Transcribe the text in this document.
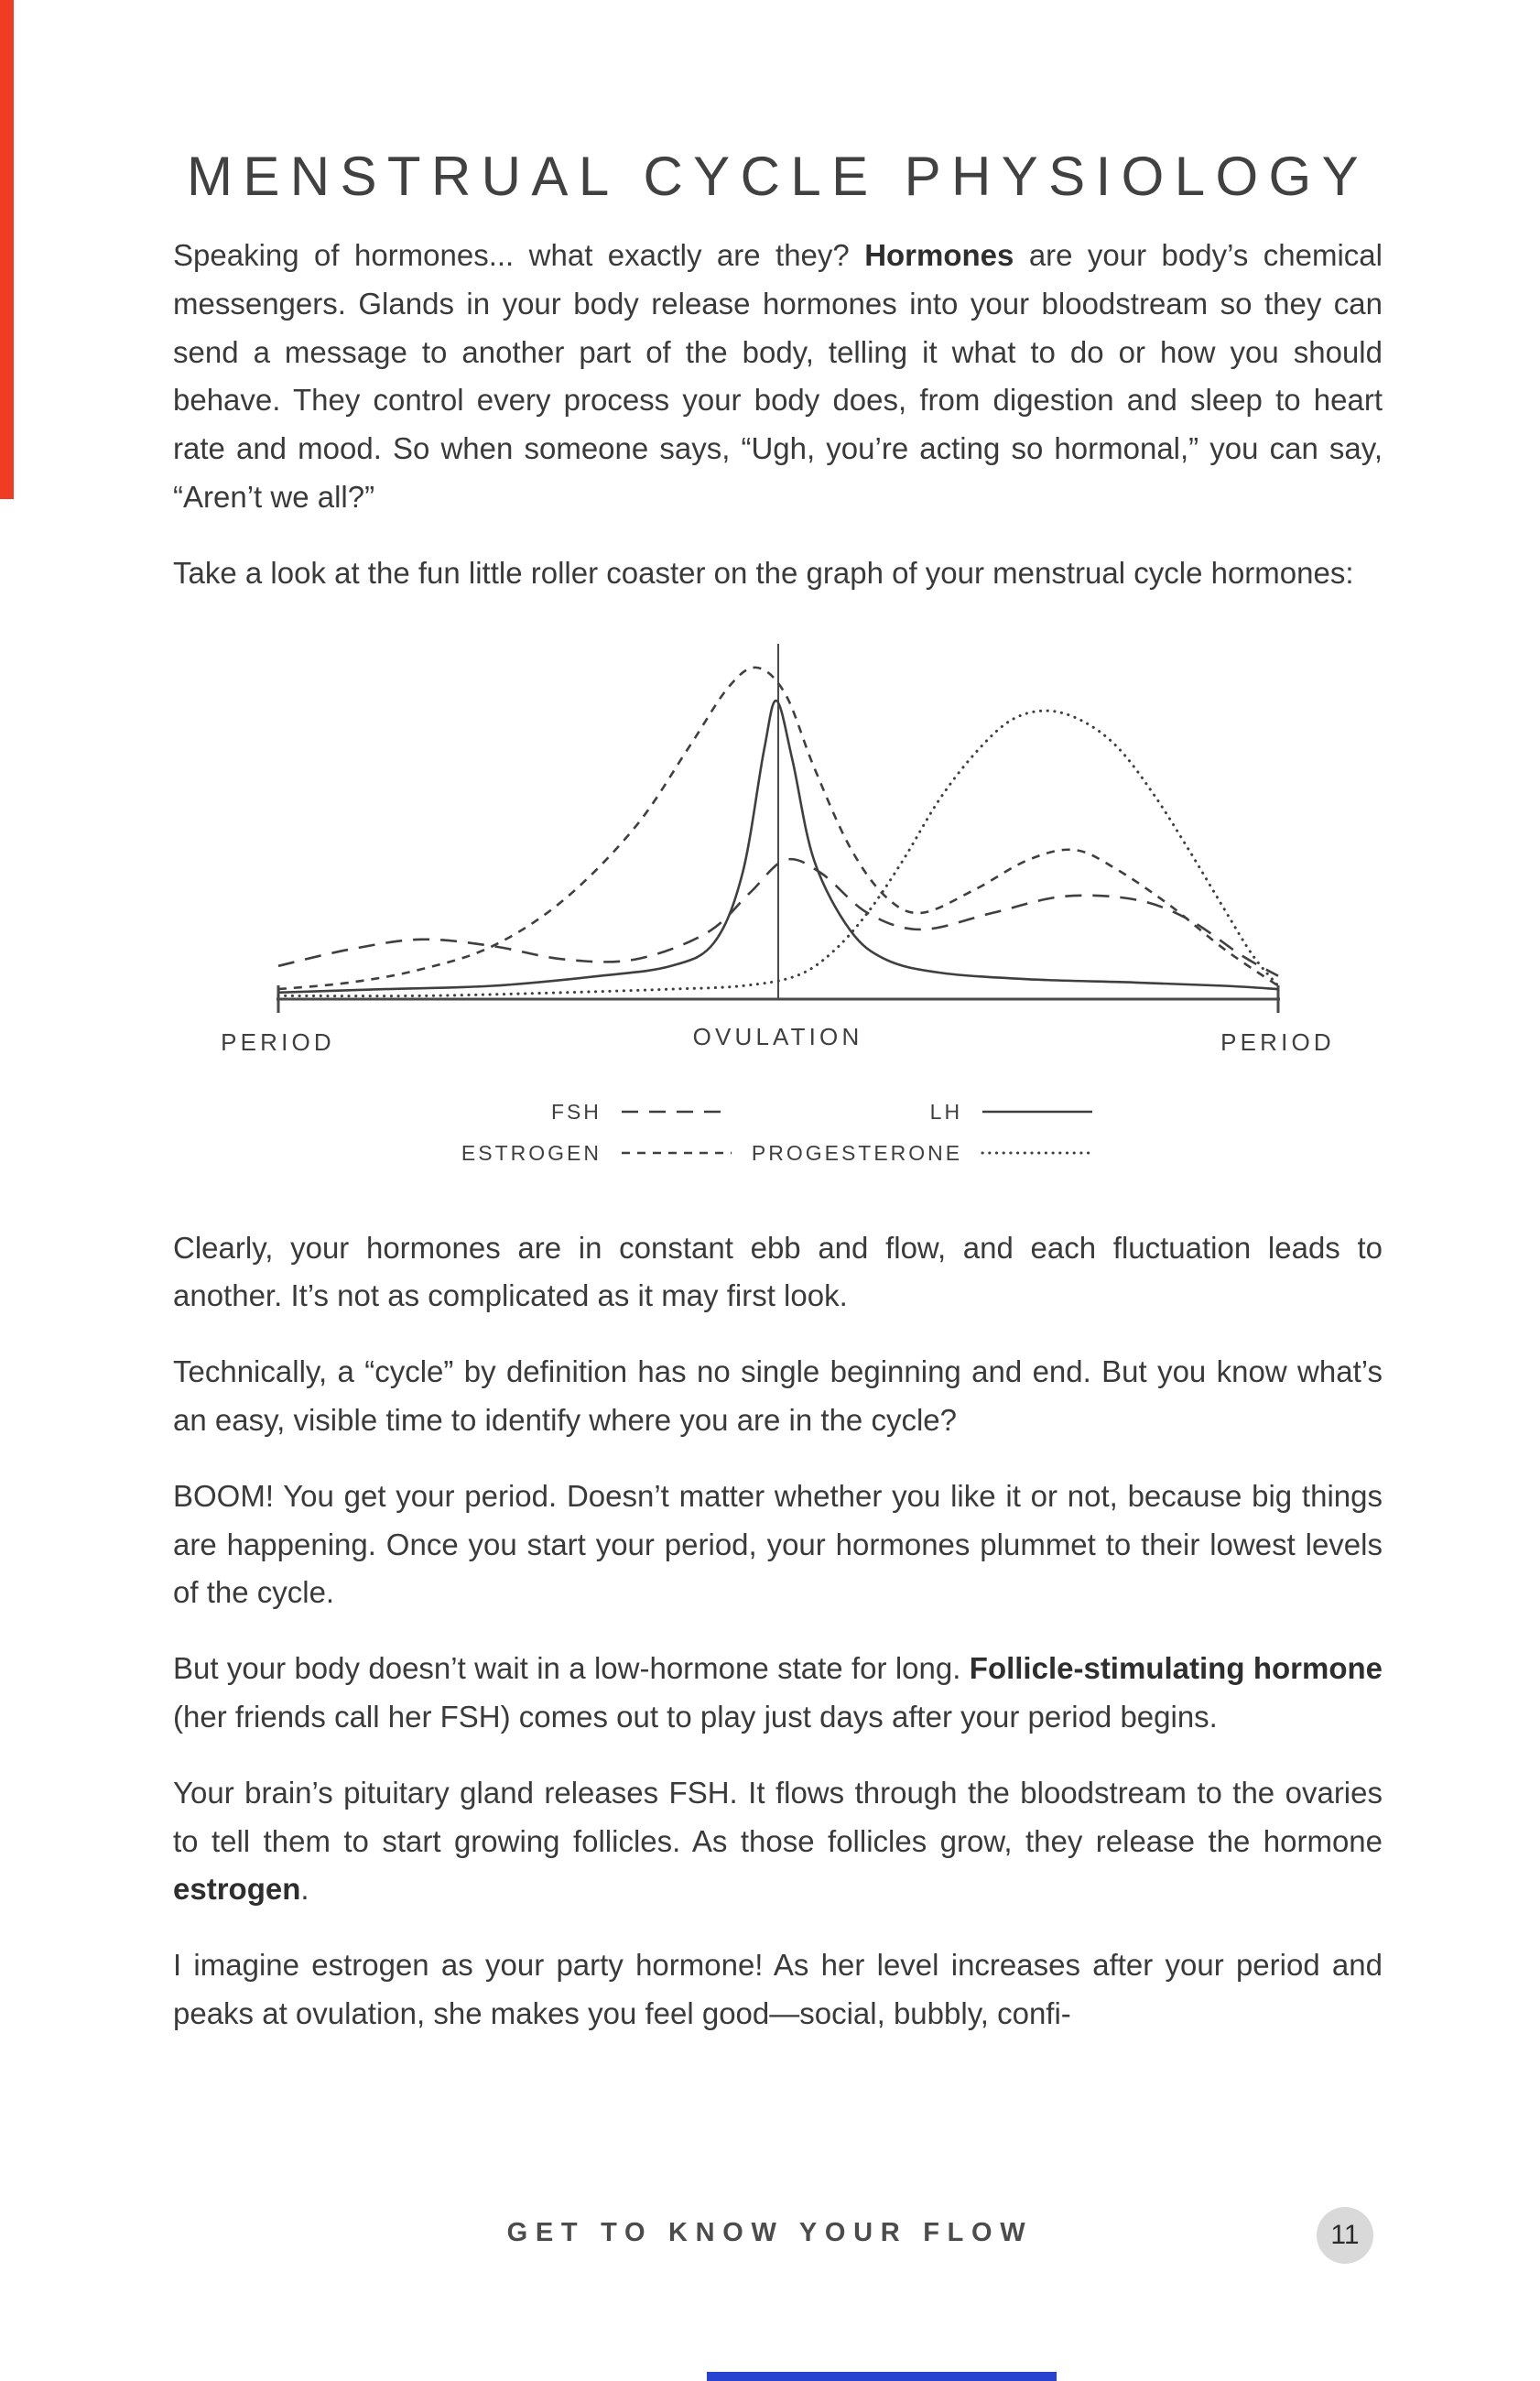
MENSTRUAL CYCLE PHYSIOLOGY

Speaking of hormones... what exactly are they? Hormones are your body’s chemical messengers. Glands in your body release hormones into your bloodstream so they can send a message to another part of the body, telling it what to do or how you should behave. They control every process your body does, from digestion and sleep to heart rate and mood. So when someone says, “Ugh, you’re acting so hormonal,” you can say, “Aren’t we all?”

Take a look at the fun little roller coaster on the graph of your menstrual cycle hormones:

PERIOD	OVULATION	PERIOD
FSH	LH
ESTROGEN	PROGESTERONE

Clearly, your hormones are in constant ebb and flow, and each fluctuation leads to another. It’s not as complicated as it may first look.

Technically, a “cycle” by definition has no single beginning and end. But you know what’s an easy, visible time to identify where you are in the cycle?

BOOM! You get your period. Doesn’t matter whether you like it or not, because big things are happening. Once you start your period, your hormones plummet to their lowest levels of the cycle.

But your body doesn’t wait in a low-hormone state for long. Follicle-stimulating hormone (her friends call her FSH) comes out to play just days after your period begins.

Your brain’s pituitary gland releases FSH. It flows through the bloodstream to the ovaries to tell them to start growing follicles. As those follicles grow, they release the hormone estrogen.

I imagine estrogen as your party hormone! As her level increases after your period and peaks at ovulation, she makes you feel good—social, bubbly, confi-

GET TO KNOW YOUR FLOW	11
